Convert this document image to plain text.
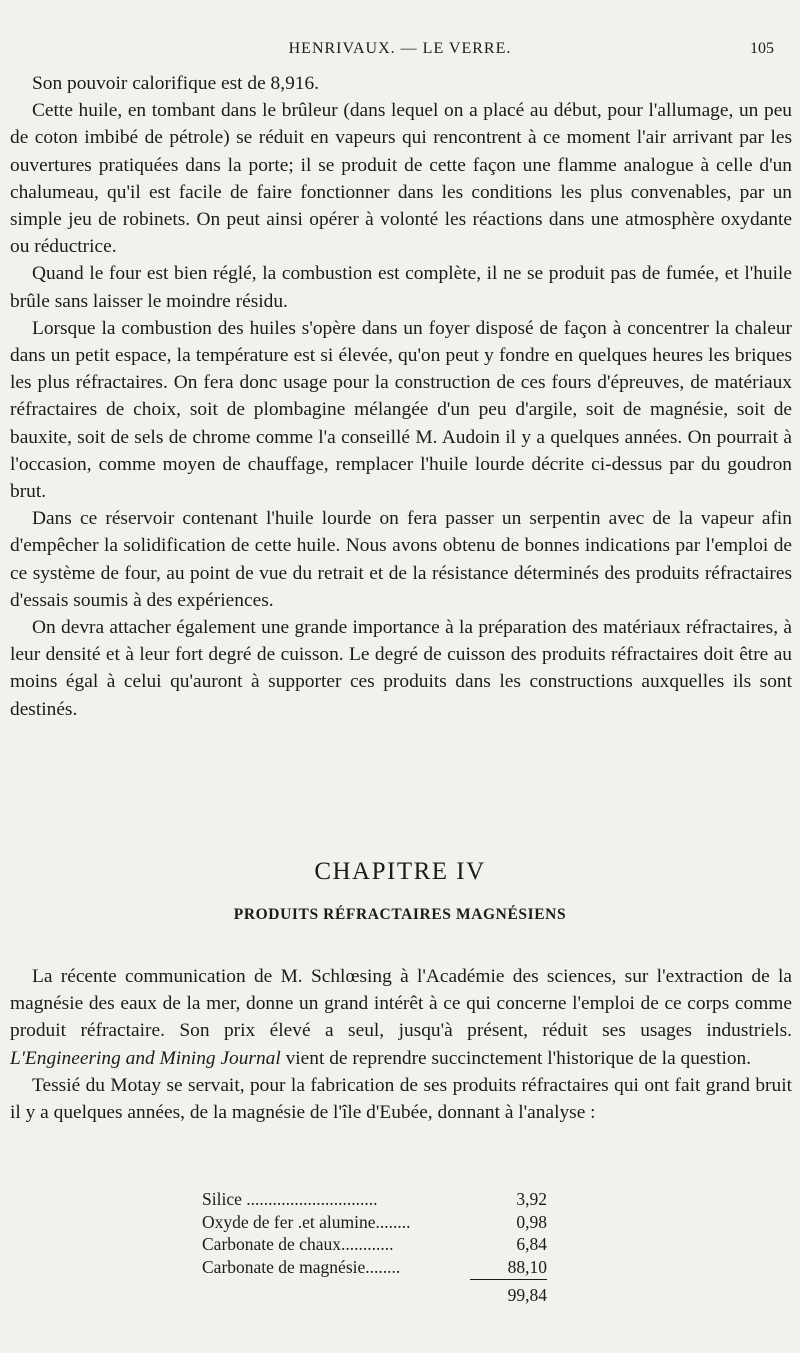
HENRIVAUX. — LE VERRE.	105

Son pouvoir calorifique est de 8,916.

Cette huile, en tombant dans le brûleur (dans lequel on a placé au début, pour l'allumage, un peu de coton imbibé de pétrole) se réduit en vapeurs qui rencontrent à ce moment l'air arrivant par les ouvertures pratiquées dans la porte; il se produit de cette façon une flamme analogue à celle d'un chalumeau, qu'il est facile de faire fonctionner dans les conditions les plus convenables, par un simple jeu de robinets. On peut ainsi opérer à volonté les réactions dans une atmosphère oxydante ou réductrice.

Quand le four est bien réglé, la combustion est complète, il ne se produit pas de fumée, et l'huile brûle sans laisser le moindre résidu.

Lorsque la combustion des huiles s'opère dans un foyer disposé de façon à concentrer la chaleur dans un petit espace, la température est si élevée, qu'on peut y fondre en quelques heures les briques les plus réfractaires. On fera donc usage pour la construction de ces fours d'épreuves, de matériaux réfractaires de choix, soit de plombagine mélangée d'un peu d'argile, soit de magnésie, soit de bauxite, soit de sels de chrome comme l'a conseillé M. Audoin il y a quelques années. On pourrait à l'occasion, comme moyen de chauffage, remplacer l'huile lourde décrite ci-dessus par du goudron brut.

Dans ce réservoir contenant l'huile lourde on fera passer un serpentin avec de la vapeur afin d'empêcher la solidification de cette huile. Nous avons obtenu de bonnes indications par l'emploi de ce système de four, au point de vue du retrait et de la résistance déterminés des produits réfractaires d'essais soumis à des expériences.

On devra attacher également une grande importance à la préparation des matériaux réfractaires, à leur densité et à leur fort degré de cuisson. Le degré de cuisson des produits réfractaires doit être au moins égal à celui qu'auront à supporter ces produits dans les constructions auxquelles ils sont destinés.

CHAPITRE IV
PRODUITS RÉFRACTAIRES MAGNÉSIENS

La récente communication de M. Schlœsing à l'Académie des sciences, sur l'extraction de la magnésie des eaux de la mer, donne un grand intérêt à ce qui concerne l'emploi de ce corps comme produit réfractaire. Son prix élevé a seul, jusqu'à présent, réduit ses usages industriels. L'Engineering and Mining Journal vient de reprendre succinctement l'historique de la question.

Tessié du Motay se servait, pour la fabrication de ses produits réfractaires qui ont fait grand bruit il y a quelques années, de la magnésie de l'île d'Eubée, donnant à l'analyse :

Silice ..............................	3,92
Oxyde de fer .et alumine........	0,98
Carbonate de chaux............	6,84
Carbonate de magnésie........	88,10
99,84
